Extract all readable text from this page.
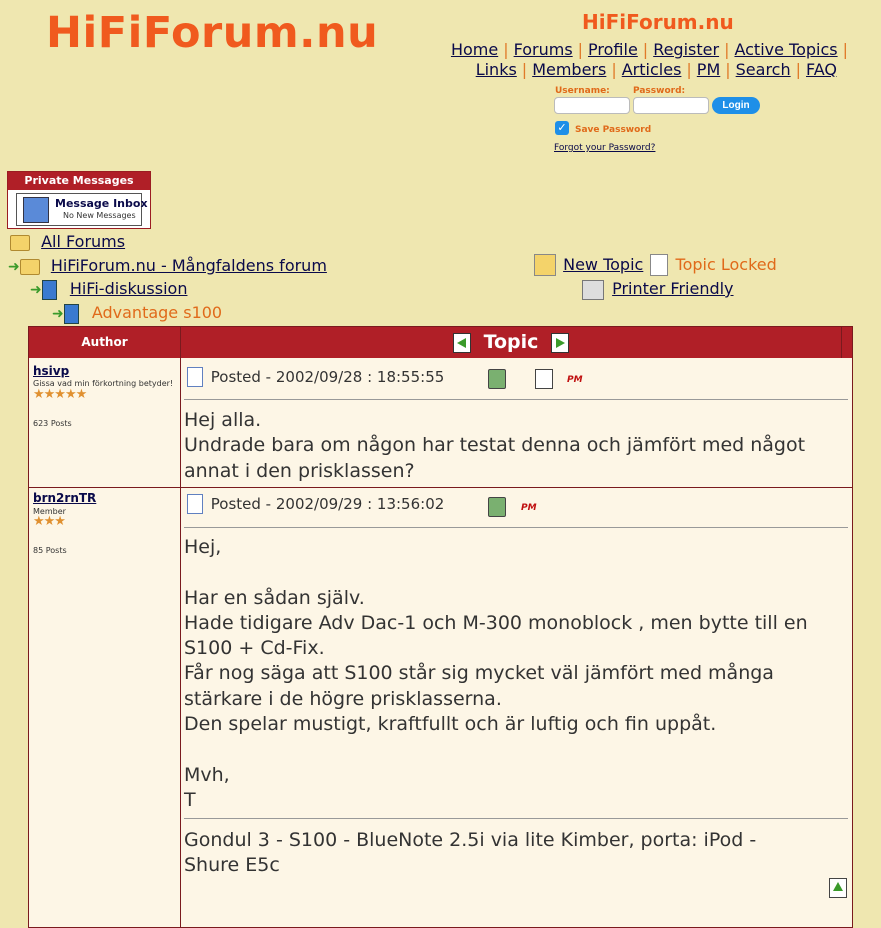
HiFiForum.nu	HiFiForum.nu
Home | Forums | Profile | Register | Active Topics |
Links | Members | Articles | PM | Search | FAQ
Username:	Password:
Login
✓ Save Password
Forgot your Password?
Private Messages
Message Inbox
No New Messages
All Forums
➜ HiFiForum.nu - Mångfaldens forum
➜ HiFi-diskussion
➜ Advantage s100
New Topic Topic Locked
Printer Friendly
Author	Topic
hsivp
Gissa vad min förkortning betyder!
★★★★★
623 Posts
Posted - 2002/09/28 : 18:55:55	PM
Hej alla.
Undrade bara om någon har testat denna och jämfört med något
annat i den prisklassen?
brn2rnTR
Member
★★★
85 Posts
Posted - 2002/09/29 : 13:56:02	PM
Hej,
Har en sådan själv.
Hade tidigare Adv Dac-1 och M-300 monoblock , men bytte till en
S100 + Cd-Fix.
Får nog säga att S100 står sig mycket väl jämfört med många
stärkare i de högre prisklasserna.
Den spelar mustigt, kraftfullt och är luftig och fin uppåt.
Mvh,
T
Gondul 3 - S100 - BlueNote 2.5i via lite Kimber, porta: iPod -
Shure E5c
